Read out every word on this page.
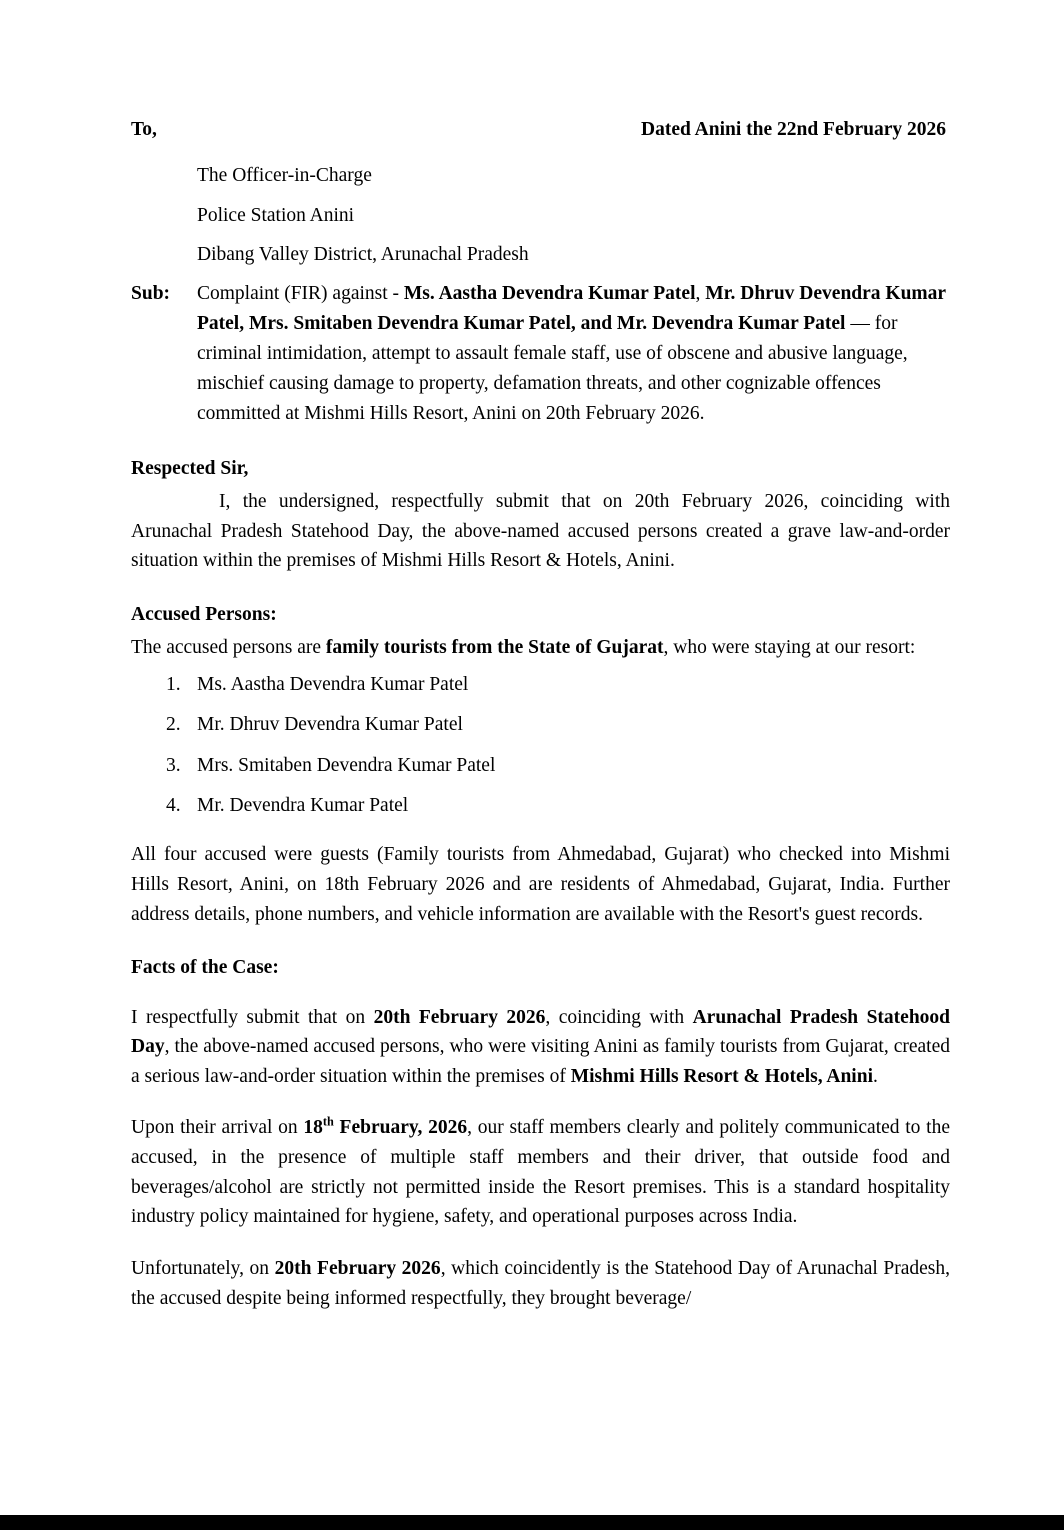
To,	Dated Anini the 22nd February 2026
The Officer-in-Charge
Police Station Anini
Dibang Valley District, Arunachal Pradesh
Sub:	Complaint (FIR) against - Ms. Aastha Devendra Kumar Patel, Mr. Dhruv Devendra Kumar Patel, Mrs. Smitaben Devendra Kumar Patel, and Mr. Devendra Kumar Patel — for criminal intimidation, attempt to assault female staff, use of obscene and abusive language, mischief causing damage to property, defamation threats, and other cognizable offences committed at Mishmi Hills Resort, Anini on 20th February 2026.
Respected Sir,

I, the undersigned, respectfully submit that on 20th February 2026, coinciding with Arunachal Pradesh Statehood Day, the above-named accused persons created a grave law-and-order situation within the premises of Mishmi Hills Resort & Hotels, Anini.

Accused Persons:

The accused persons are family tourists from the State of Gujarat, who were staying at our resort:

1. Ms. Aastha Devendra Kumar Patel
2. Mr. Dhruv Devendra Kumar Patel
3. Mrs. Smitaben Devendra Kumar Patel
4. Mr. Devendra Kumar Patel

All four accused were guests (Family tourists from Ahmedabad, Gujarat) who checked into Mishmi Hills Resort, Anini, on 18th February 2026 and are residents of Ahmedabad, Gujarat, India. Further address details, phone numbers, and vehicle information are available with the Resort's guest records.

Facts of the Case:

I respectfully submit that on 20th February 2026, coinciding with Arunachal Pradesh Statehood Day, the above-named accused persons, who were visiting Anini as family tourists from Gujarat, created a serious law-and-order situation within the premises of Mishmi Hills Resort & Hotels, Anini.

Upon their arrival on 18th February, 2026, our staff members clearly and politely communicated to the accused, in the presence of multiple staff members and their driver, that outside food and beverages/alcohol are strictly not permitted inside the Resort premises. This is a standard hospitality industry policy maintained for hygiene, safety, and operational purposes across India.

Unfortunately, on 20th February 2026, which coincidently is the Statehood Day of Arunachal Pradesh, the accused despite being informed respectfully, they brought beverage/
